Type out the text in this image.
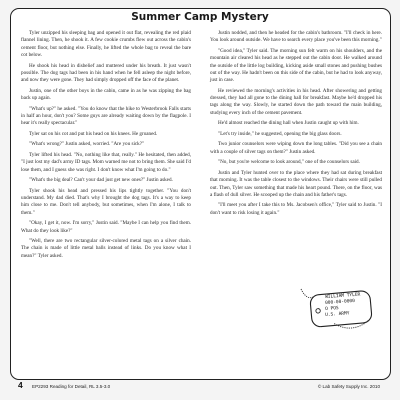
Summer Camp Mystery

Tyler unzipped his sleeping bag and opened it out flat, revealing the red plaid flannel lining. Then, he shook it. A few cookie crumbs flew out across the cabin's cement floor, but nothing else. Finally, he lifted the whole bag to reveal the bare cot below.

He shook his head in disbelief and muttered under his breath. It just wasn't possible. The dog tags had been in his hand when he fell asleep the night before, and now they were gone. They had simply dropped off the face of the planet.

Justin, one of the other boys in the cabin, came in as he was zipping the bag back up again.

"What's up?" he asked. "You do know that the hike to Westerbrook Falls starts in half an hour, don't you? Some guys are already waiting down by the flagpole. I hear it's really spectacular."

Tyler sat on his cot and put his head on his knees. He groaned.

"What's wrong?" Justin asked, worried. "Are you sick?"

Tyler lifted his head. "No, nothing like that, really." He hesitated, then added, "I just lost my dad's army ID tags. Mom warned me not to bring them. She said I'd lose them, and I guess she was right. I don't know what I'm going to do."

"What's the big deal? Can't your dad just get new ones?" Justin asked.

Tyler shook his head and pressed his lips tightly together. "You don't understand. My dad died. That's why I brought the dog tags. It's a way to keep him close to me. Don't tell anybody, but sometimes, when I'm alone, I talk to them."

"Okay, I get it, now. I'm sorry," Justin said. "Maybe I can help you find them. What do they look like?"

"Well, there are two rectangular silver-colored metal tags on a silver chain. The chain is made of little metal balls instead of links. Do you know what I mean?" Tyler asked.

Justin nodded, and then he headed for the cabin's bathroom. "I'll check in here. You look around outside. We have to search every place you've been this morning."

"Good idea," Tyler said. The morning sun felt warm on his shoulders, and the mountain air cleared his head as he stepped out the cabin door. He walked around the outside of the little log building, kicking aside small stones and pushing bushes out of the way. He hadn't been on this side of the cabin, but he had to look anyway, just in case.

He reviewed the morning's activities in his head. After showering and getting dressed, they had all gone to the dining hall for breakfast. Maybe he'd dropped his tags along the way. Slowly, he started down the path toward the main building, studying every inch of the cement pavement.

He'd almost reached the dining hall when Justin caught up with him.

"Let's try inside," he suggested, opening the big glass doors.

Two junior counselors were wiping down the long tables. "Did you see a chain with a couple of silver tags on them?" Justin asked.

"No, but you're welcome to look around," one of the counselors said.

Justin and Tyler hunted over to the place where they had sat during breakfast that morning. It was the table closest to the windows. Their chairs were still pulled out. Then, Tyler saw something that made his heart pound. There, on the floor, was a flash of dull silver. He scooped up the chain and his father's tags.

"I'll meet you after I take this to Ms. Jacobsen's office," Tyler said to Justin. "I don't want to risk losing it again."

WILLIAM TYLER
000-00-0000
O POS
U.S. ARMY
4 EP2293 Reading for Detail, RL 3.5-3.0	© Lab Safety Supply Inc. 2010
